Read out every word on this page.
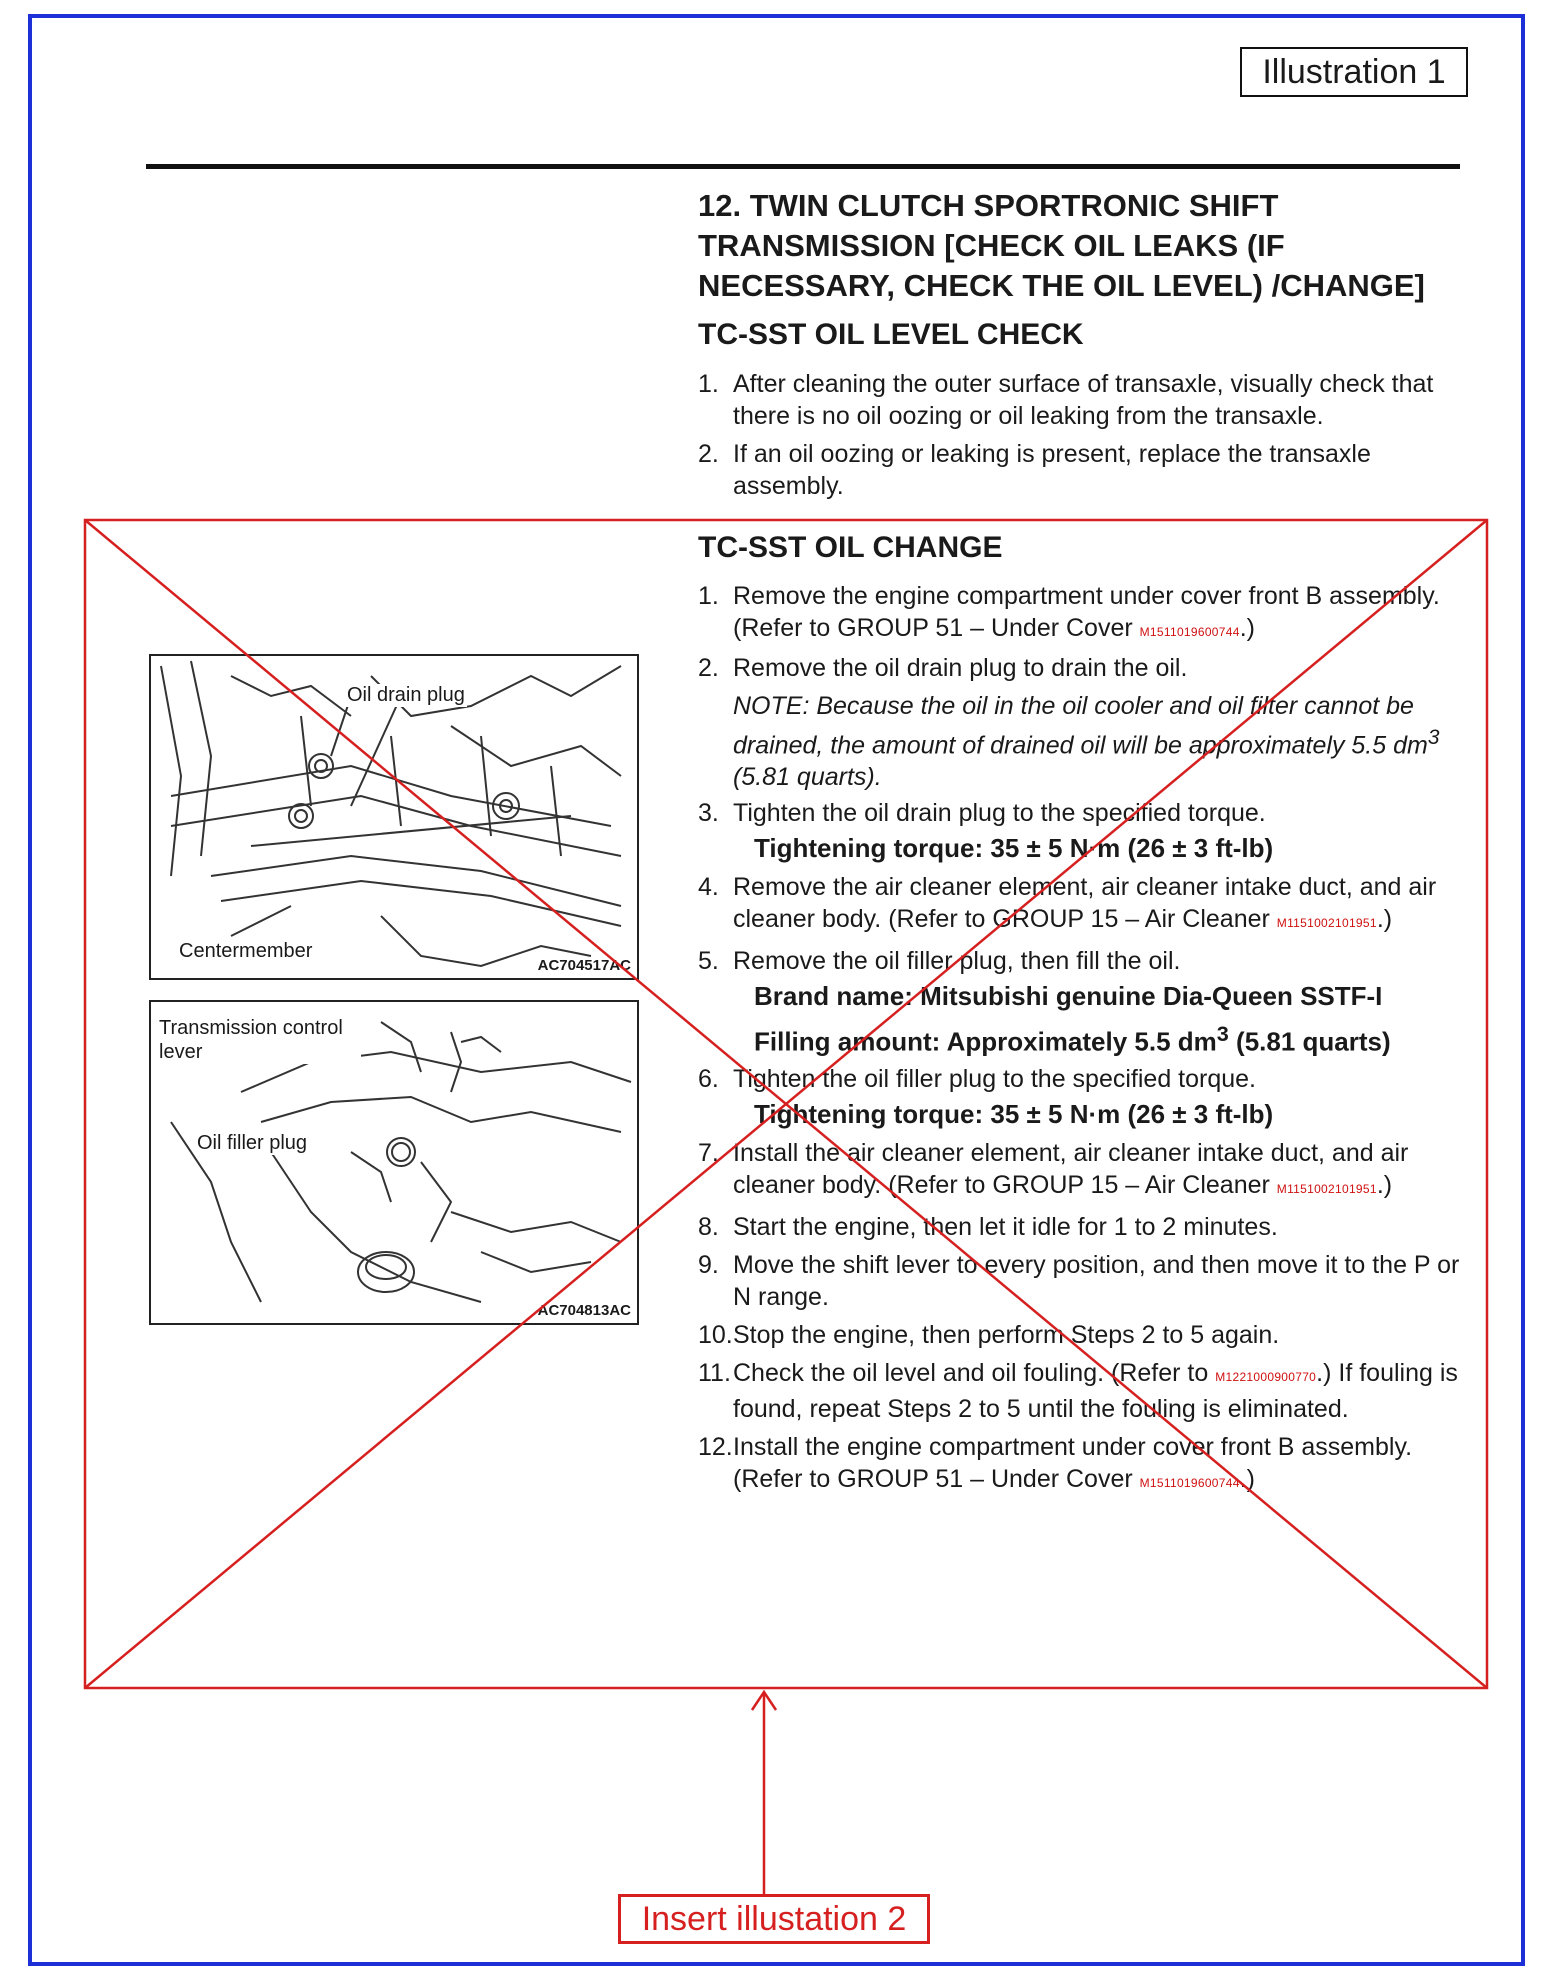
Illustration 1
12. TWIN CLUTCH SPORTRONIC SHIFT TRANSMISSION [CHECK OIL LEAKS (IF NECESSARY, CHECK THE OIL LEVEL) /CHANGE]
TC-SST OIL LEVEL CHECK
1. After cleaning the outer surface of transaxle, visually check that there is no oil oozing or oil leaking from the transaxle.
2. If an oil oozing or leaking is present, replace the transaxle assembly.
TC-SST OIL CHANGE
1. Remove the engine compartment under cover front B assembly. (Refer to GROUP 51 – Under Cover M1511019600744.)
2. Remove the oil drain plug to drain the oil.
NOTE: Because the oil in the oil cooler and oil filter cannot be drained, the amount of drained oil will be approximately 5.5 $dm^3$ (5.81 quarts).
3. Tighten the oil drain plug to the specified torque.
Tightening torque: 35 ± 5 N·m (26 ± 3 ft-lb)
4. Remove the air cleaner element, air cleaner intake duct, and air cleaner body. (Refer to GROUP 15 – Air Cleaner M1151002101951.)
5. Remove the oil filler plug, then fill the oil.
Brand name: Mitsubishi genuine Dia-Queen SSTF-I
Filling amount: Approximately 5.5 $dm^3$ (5.81 quarts)
6. Tighten the oil filler plug to the specified torque.
Tightening torque: 35 ± 5 N·m (26 ± 3 ft-lb)
7. Install the air cleaner element, air cleaner intake duct, and air cleaner body. (Refer to GROUP 15 – Air Cleaner M1151002101951.)
8. Start the engine, then let it idle for 1 to 2 minutes.
9. Move the shift lever to every position, and then move it to the P or N range.
10. Stop the engine, then perform Steps 2 to 5 again.
11. Check the oil level and oil fouling. (Refer to M1221000900770.) If fouling is found, repeat Steps 2 to 5 until the fouling is eliminated.
12. Install the engine compartment under cover front B assembly. (Refer to GROUP 51 – Under Cover M1511019600744.)
Oil drain plug
Centermember
AC704517AC
Transmission control lever
Oil filler plug
AC704813AC
Insert illustation 2
